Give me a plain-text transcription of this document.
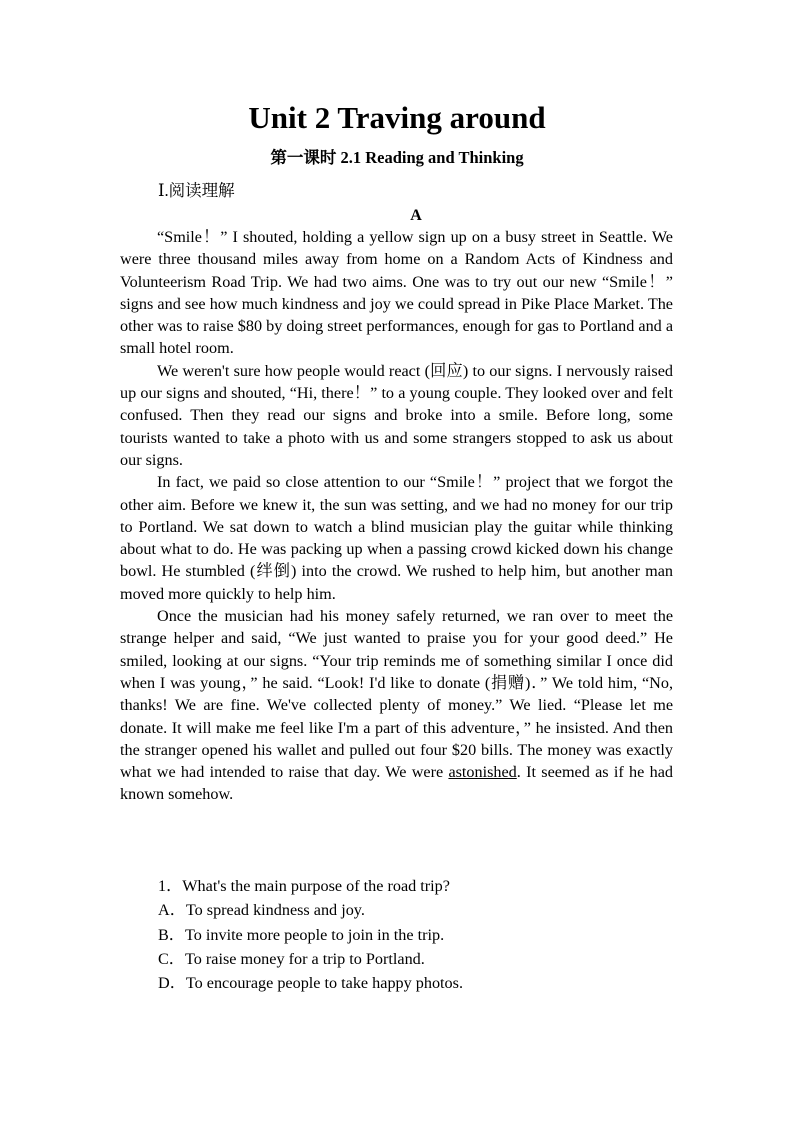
Unit 2 Traving around
第一课时 2.1 Reading and Thinking
Ⅰ.阅读理解
A

“Smile！” I shouted, holding a yellow sign up on a busy street in Seattle. We were three thousand miles away from home on a Random Acts of Kindness and Volunteerism Road Trip. We had two aims. One was to try out our new “Smile！” signs and see how much kindness and joy we could spread in Pike Place Market. The other was to raise $80 by doing street performances, enough for gas to Portland and a small hotel room.

We weren't sure how people would react (回应) to our signs. I nervously raised up our signs and shouted, “Hi, there！” to a young couple. They looked over and felt confused. Then they read our signs and broke into a smile. Before long, some tourists wanted to take a photo with us and some strangers stopped to ask us about our signs.

In fact, we paid so close attention to our “Smile！” project that we forgot the other aim. Before we knew it, the sun was setting, and we had no money for our trip to Portland. We sat down to watch a blind musician play the guitar while thinking about what to do. He was packing up when a passing crowd kicked down his change bowl. He stumbled (绊倒) into the crowd. We rushed to help him, but another man moved more quickly to help him.

Once the musician had his money safely returned, we ran over to meet the strange helper and said, “We just wanted to praise you for your good deed.” He smiled, looking at our signs. “Your trip reminds me of something similar I once did when I was young，” he said. “Look! I'd like to donate (捐赠)．” We told him, “No, thanks! We are fine. We've collected plenty of money.” We lied. “Please let me donate. It will make me feel like I'm a part of this adventure，” he insisted. And then the stranger opened his wallet and pulled out four $20 bills. The money was exactly what we had intended to raise that day. We were astonished. It seemed as if he had known somehow.

1．What's the main purpose of the road trip?
A．To spread kindness and joy.
B．To invite more people to join in the trip.
C．To raise money for a trip to Portland.
D．To encourage people to take happy photos.
